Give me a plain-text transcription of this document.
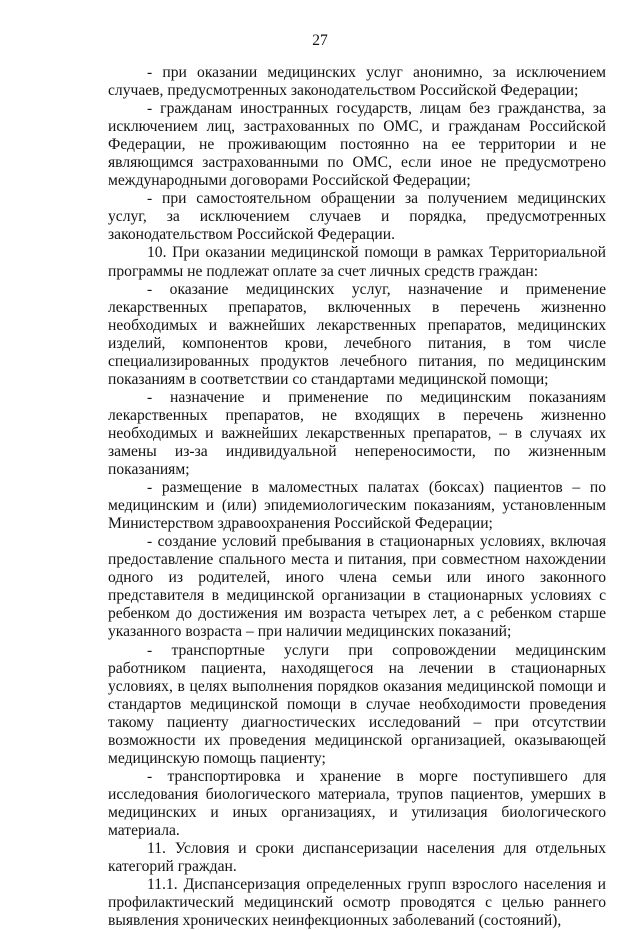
27

- при оказании медицинских услуг анонимно, за исключением случаев, предусмотренных законодательством Российской Федерации;

- гражданам иностранных государств, лицам без гражданства, за исключением лиц, застрахованных по ОМС, и гражданам Российской Федерации, не проживающим постоянно на ее территории и не являющимся застрахованными по ОМС, если иное не предусмотрено международными договорами Российской Федерации;

- при самостоятельном обращении за получением медицинских услуг, за исключением случаев и порядка, предусмотренных законодательством Российской Федерации.

10. При оказании медицинской помощи в рамках Территориальной программы не подлежат оплате за счет личных средств граждан:

- оказание медицинских услуг, назначение и применение лекарственных препаратов, включенных в перечень жизненно необходимых и важнейших лекарственных препаратов, медицинских изделий, компонентов крови, лечебного питания, в том числе специализированных продуктов лечебного питания, по медицинским показаниям в соответствии со стандартами медицинской помощи;

- назначение и применение по медицинским показаниям лекарственных препаратов, не входящих в перечень жизненно необходимых и важнейших лекарственных препаратов, – в случаях их замены из-за индивидуальной непереносимости, по жизненным показаниям;

- размещение в маломестных палатах (боксах) пациентов – по медицинским и (или) эпидемиологическим показаниям, установленным Министерством здравоохранения Российской Федерации;

- создание условий пребывания в стационарных условиях, включая предоставление спального места и питания, при совместном нахождении одного из родителей, иного члена семьи или иного законного представителя в медицинской организации в стационарных условиях с ребенком до достижения им возраста четырех лет, а с ребенком старше указанного возраста – при наличии медицинских показаний;

- транспортные услуги при сопровождении медицинским работником пациента, находящегося на лечении в стационарных условиях, в целях выполнения порядков оказания медицинской помощи и стандартов медицинской помощи в случае необходимости проведения такому пациенту диагностических исследований – при отсутствии возможности их проведения медицинской организацией, оказывающей медицинскую помощь пациенту;

- транспортировка и хранение в морге поступившего для исследования биологического материала, трупов пациентов, умерших в медицинских и иных организациях, и утилизация биологического материала.

11. Условия и сроки диспансеризации населения для отдельных категорий граждан.

11.1. Диспансеризация определенных групп взрослого населения и профилактический медицинский осмотр проводятся с целью раннего выявления хронических неинфекционных заболеваний (состояний),
